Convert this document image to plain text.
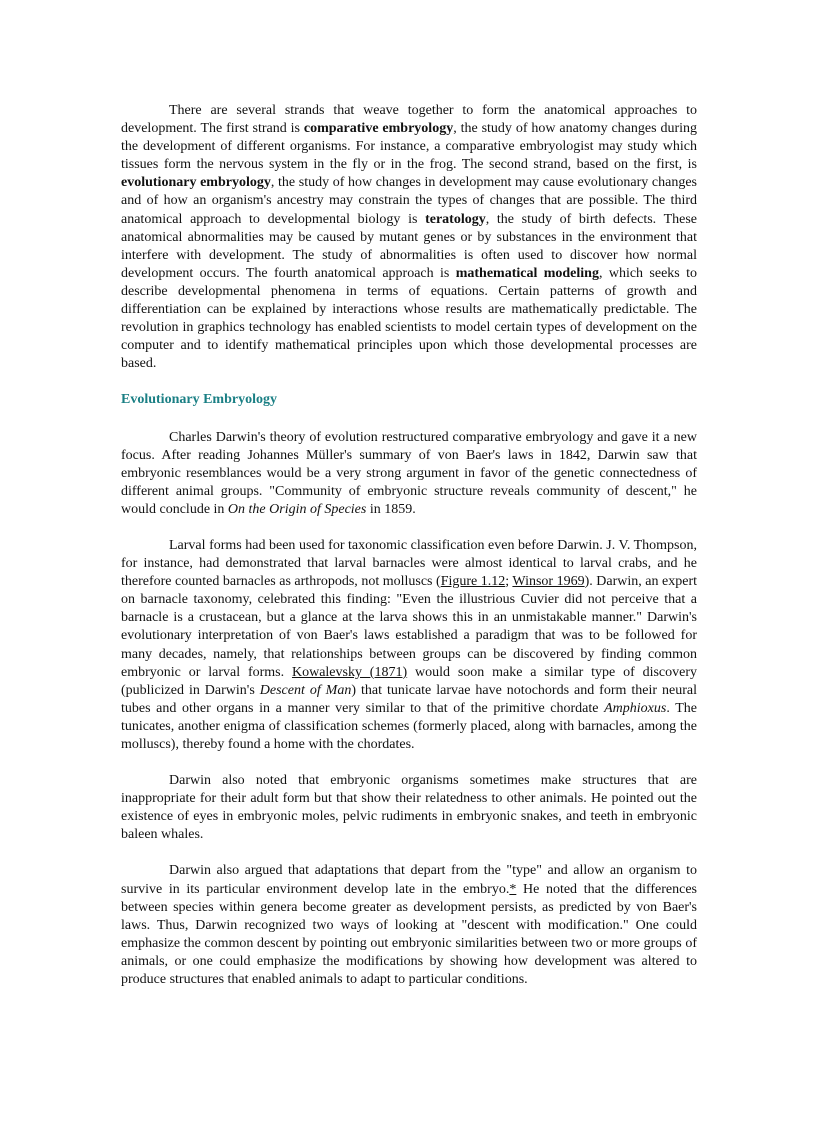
There are several strands that weave together to form the anatomical approaches to development. The first strand is comparative embryology, the study of how anatomy changes during the development of different organisms. For instance, a comparative embryologist may study which tissues form the nervous system in the fly or in the frog. The second strand, based on the first, is evolutionary embryology, the study of how changes in development may cause evolutionary changes and of how an organism's ancestry may constrain the types of changes that are possible. The third anatomical approach to developmental biology is teratology, the study of birth defects. These anatomical abnormalities may be caused by mutant genes or by substances in the environment that interfere with development. The study of abnormalities is often used to discover how normal development occurs. The fourth anatomical approach is mathematical modeling, which seeks to describe developmental phenomena in terms of equations. Certain patterns of growth and differentiation can be explained by interactions whose results are mathematically predictable. The revolution in graphics technology has enabled scientists to model certain types of development on the computer and to identify mathematical principles upon which those developmental processes are based.

Evolutionary Embryology

Charles Darwin's theory of evolution restructured comparative embryology and gave it a new focus. After reading Johannes Müller's summary of von Baer's laws in 1842, Darwin saw that embryonic resemblances would be a very strong argument in favor of the genetic connectedness of different animal groups. "Community of embryonic structure reveals community of descent," he would conclude in On the Origin of Species in 1859.

Larval forms had been used for taxonomic classification even before Darwin. J. V. Thompson, for instance, had demonstrated that larval barnacles were almost identical to larval crabs, and he therefore counted barnacles as arthropods, not molluscs (Figure 1.12; Winsor 1969). Darwin, an expert on barnacle taxonomy, celebrated this finding: "Even the illustrious Cuvier did not perceive that a barnacle is a crustacean, but a glance at the larva shows this in an unmistakable manner." Darwin's evolutionary interpretation of von Baer's laws established a paradigm that was to be followed for many decades, namely, that relationships between groups can be discovered by finding common embryonic or larval forms. Kowalevsky (1871) would soon make a similar type of discovery (publicized in Darwin's Descent of Man) that tunicate larvae have notochords and form their neural tubes and other organs in a manner very similar to that of the primitive chordate Amphioxus. The tunicates, another enigma of classification schemes (formerly placed, along with barnacles, among the molluscs), thereby found a home with the chordates.

Darwin also noted that embryonic organisms sometimes make structures that are inappropriate for their adult form but that show their relatedness to other animals. He pointed out the existence of eyes in embryonic moles, pelvic rudiments in embryonic snakes, and teeth in embryonic baleen whales.

Darwin also argued that adaptations that depart from the "type" and allow an organism to survive in its particular environment develop late in the embryo.* He noted that the differences between species within genera become greater as development persists, as predicted by von Baer's laws. Thus, Darwin recognized two ways of looking at "descent with modification." One could emphasize the common descent by pointing out embryonic similarities between two or more groups of animals, or one could emphasize the modifications by showing how development was altered to produce structures that enabled animals to adapt to particular conditions.
